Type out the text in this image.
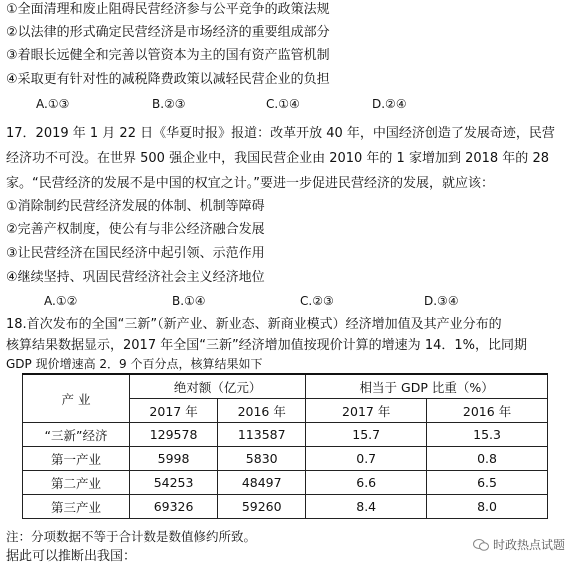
①全面清理和废止阻碍民营经济参与公平竞争的政策法规
②以法律的形式确定民营经济是市场经济的重要组成部分
③着眼长远健全和完善以管资本为主的国有资产监管机制
④采取更有针对性的减税降费政策以减轻民营企业的负担
A.①③	B.②③	C.①④	D.②④
17．2019 年 1 月 22 日《华夏时报》报道：改革开放 40 年，中国经济创造了发展奇迹，民营
经济功不可没。在世界 500 强企业中，我国民营企业由 2010 年的 1 家增加到 2018 年的 28
家。“民营经济的发展不是中国的权宜之计。”要进一步促进民营经济的发展，就应该：
①消除制约民营经济发展的体制、机制等障碍
②完善产权制度，使公有与非公经济融合发展
③让民营经济在国民经济中起引领、示范作用
④继续坚持、巩固民营经济社会主义经济地位
A.①②	B.①④	C.②③	D.③④
18.首次发布的全国“三新”（新产业、新业态、新商业模式）经济增加值及其产业分布的
核算结果数据显示，2017 年全国“三新”经济增加值按现价计算的增速为 14．1%，比同期
GDP 现价增速高 2．9 个百分点，核算结果如下
产 业	绝对额（亿元）		相当于 GDP 比重（%）	
	2017 年	2016 年	2017 年	2016 年
“三新”经济	129578	113587	15.7	15.3
第一产业	5998	5830	0.7	0.8
第二产业	54253	48497	6.6	6.5
第三产业	69326	59260	8.4	8.0
注：分项数据不等于合计数是数值修约所致。
据此可以推断出我国：
时政热点试题
